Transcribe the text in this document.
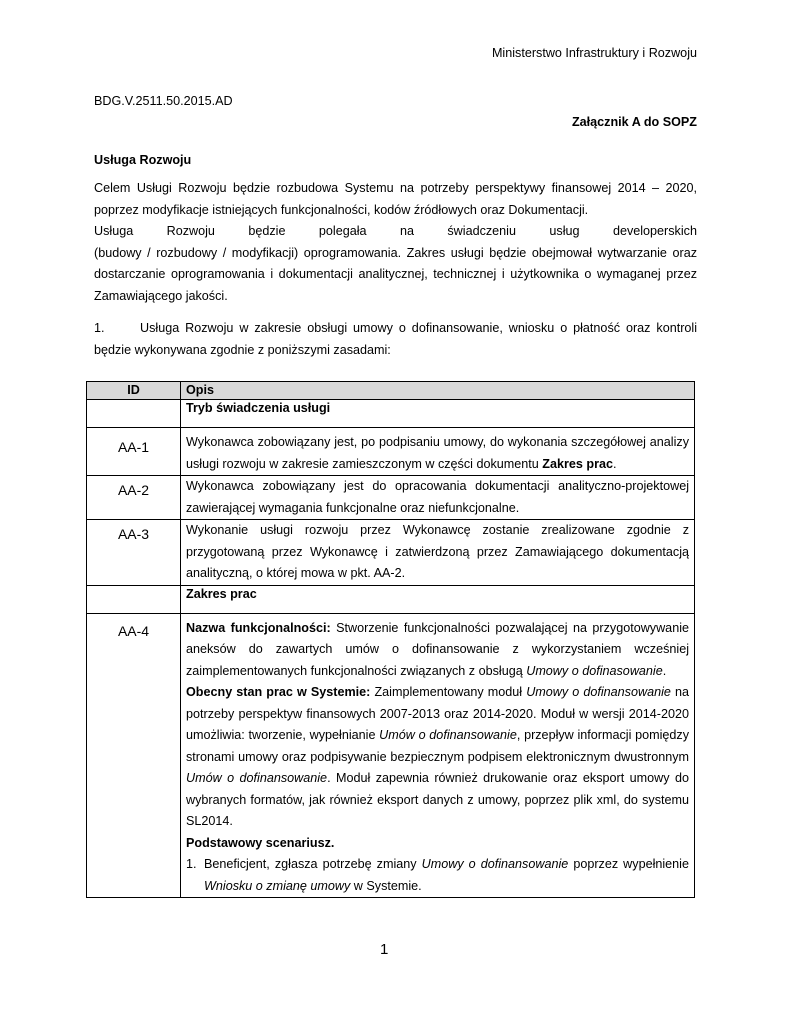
Ministerstwo Infrastruktury i Rozwoju
BDG.V.2511.50.2015.AD
Załącznik A do SOPZ
Usługa Rozwoju
Celem Usługi Rozwoju będzie rozbudowa Systemu na potrzeby perspektywy finansowej 2014 – 2020, poprzez modyfikacje istniejących funkcjonalności, kodów źródłowych oraz Dokumentacji.
Usługa	Rozwoju	będzie	polegała	na	świadczeniu	usług	developerskich
(budowy / rozbudowy / modyfikacji) oprogramowania. Zakres usługi będzie obejmował wytwarzanie oraz dostarczanie oprogramowania i dokumentacji analitycznej, technicznej i użytkownika o wymaganej przez Zamawiającego jakości.
1.	Usługa Rozwoju w zakresie obsługi umowy o dofinansowanie, wniosku o płatność oraz kontroli będzie wykonywana zgodnie z poniższymi zasadami:
ID	Opis
	Tryb świadczenia usługi
AA-1	Wykonawca zobowiązany jest, po podpisaniu umowy, do wykonania szczegółowej analizy usługi rozwoju w zakresie zamieszczonym w części dokumentu Zakres prac.
AA-2	Wykonawca zobowiązany jest do opracowania dokumentacji analityczno-projektowej zawierającej wymagania funkcjonalne oraz niefunkcjonalne.
AA-3	Wykonanie usługi rozwoju przez Wykonawcę zostanie zrealizowane zgodnie z przygotowaną przez Wykonawcę i zatwierdzoną przez Zamawiającego dokumentacją analityczną, o której mowa w pkt. AA-2.
	Zakres prac
AA-4	Nazwa funkcjonalności: Stworzenie funkcjonalności pozwalającej na przygotowywanie aneksów do zawartych umów o dofinansowanie z wykorzystaniem wcześniej zaimplementowanych funkcjonalności związanych z obsługą Umowy o dofinasowanie.
Obecny stan prac w Systemie: Zaimplementowany moduł Umowy o dofinansowanie na potrzeby perspektyw finansowych 2007-2013 oraz 2014-2020. Moduł w wersji 2014-2020 umożliwia: tworzenie, wypełnianie Umów o dofinansowanie, przepływ informacji pomiędzy stronami umowy oraz podpisywanie bezpiecznym podpisem elektronicznym dwustronnym Umów o dofinansowanie. Moduł zapewnia również drukowanie oraz eksport umowy do wybranych formatów, jak również eksport danych z umowy, poprzez plik xml, do systemu SL2014.
Podstawowy scenariusz.
1. Beneficjent, zgłasza potrzebę zmiany Umowy o dofinansowanie poprzez wypełnienie Wniosku o zmianę umowy w Systemie.
1
